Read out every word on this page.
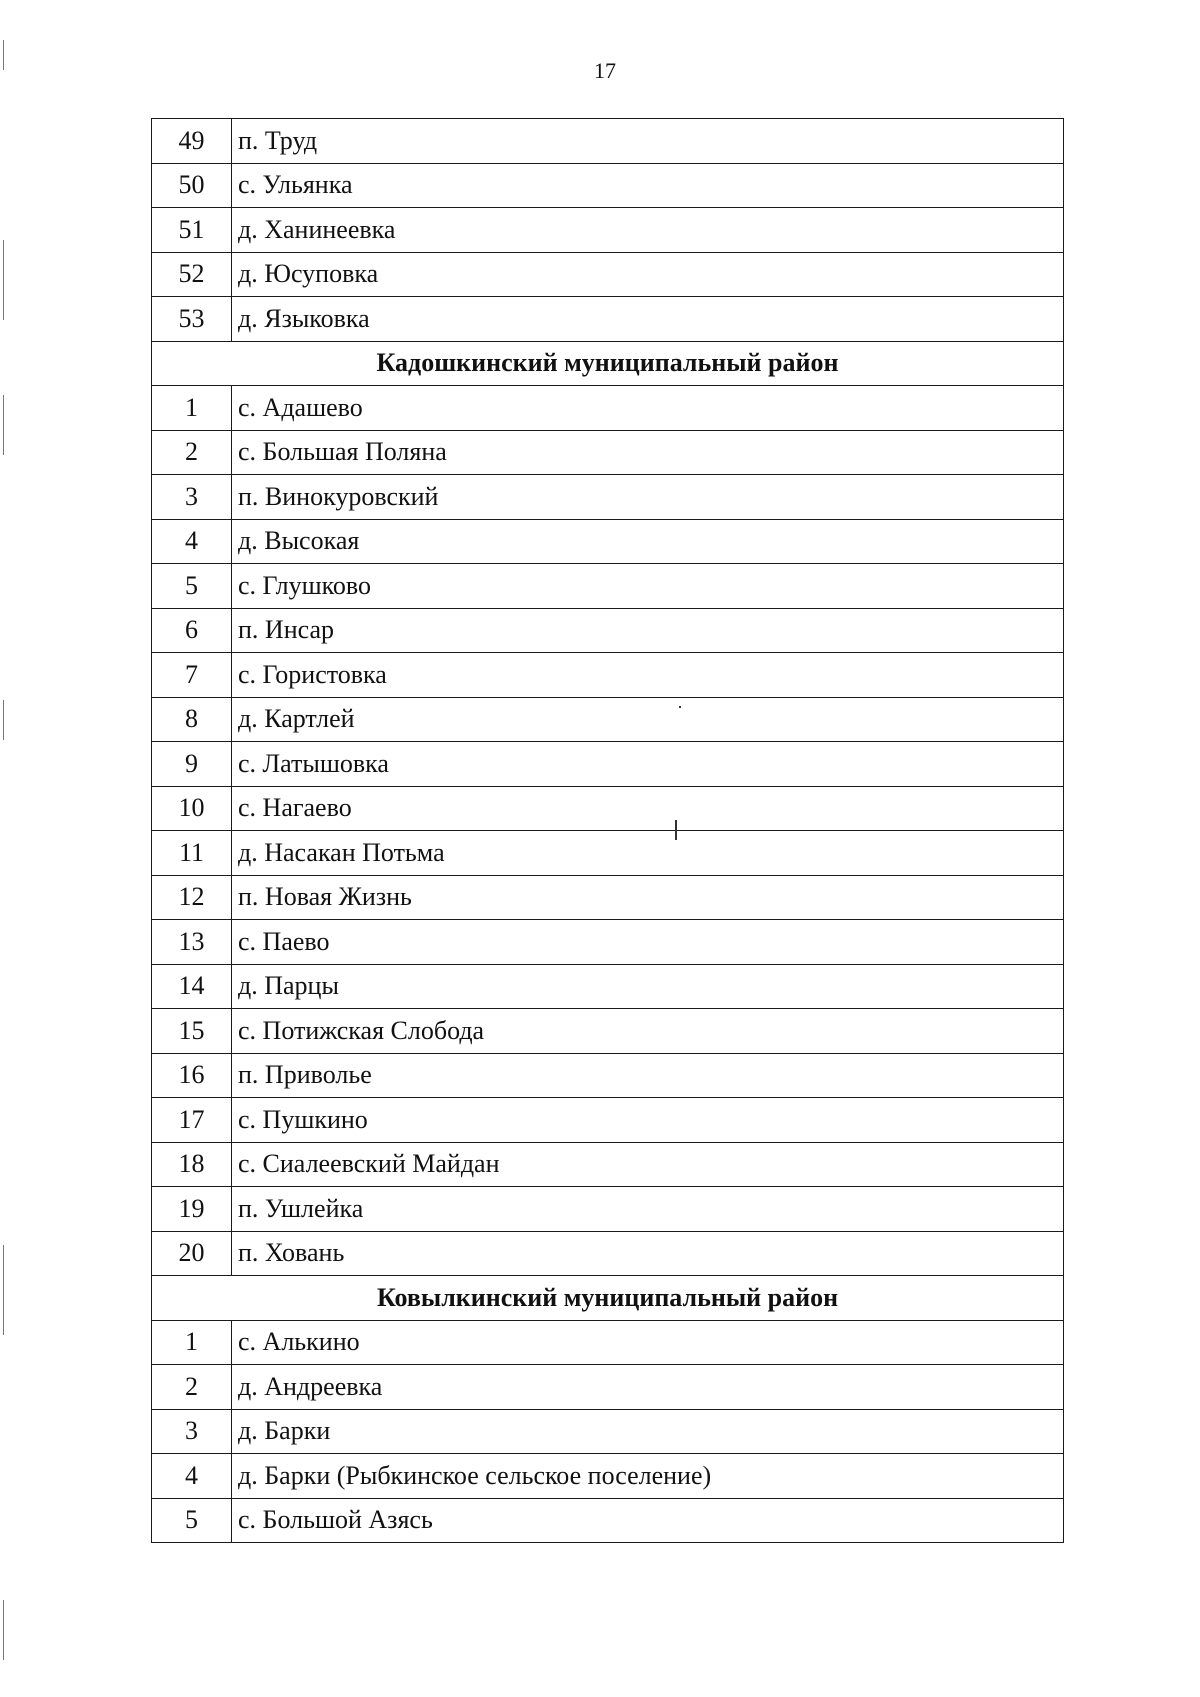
17
49	п. Труд
50	с. Ульянка
51	д. Ханинеевка
52	д. Юсуповка
53	д. Языковка
Кадошкинский муниципальный район	
1	с. Адашево
2	с. Большая Поляна
3	п. Винокуровский
4	д. Высокая
5	с. Глушково
6	п. Инсар
7	с. Гористовка
8	д. Картлей
9	с. Латышовка
10	с. Нагаево
11	д. Насакан Потьма
12	п. Новая Жизнь
13	с. Паево
14	д. Парцы
15	с. Потижская Слобода
16	п. Приволье
17	с. Пушкино
18	с. Сиалеевский Майдан
19	п. Ушлейка
20	п. Ховань
Ковылкинский муниципальный район	
1	с. Алькино
2	д. Андреевка
3	д. Барки
4	д. Барки (Рыбкинское сельское поселение)
5	с. Большой Азясь
